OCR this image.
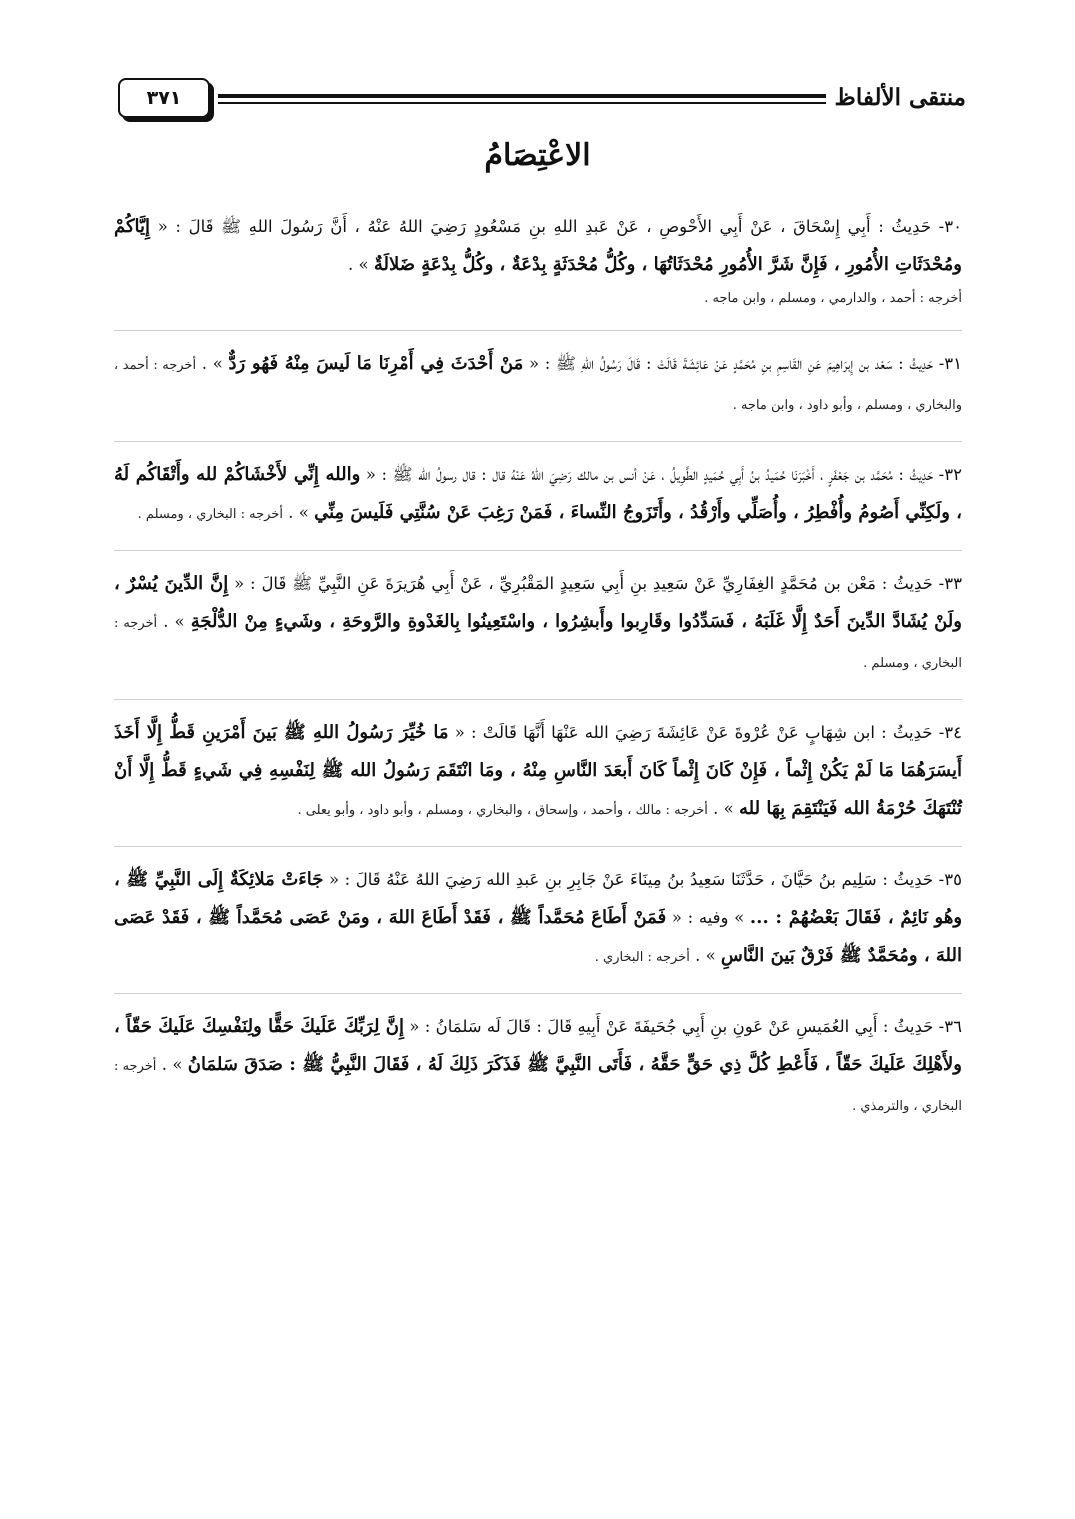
منتقى الألفاظ
٣٧١
الاعْتِصَامُ

٣٠- حَدِيثُ : أَبِي إِسْحَاقَ ، عَنْ أَبِي الأَحْوصِ ، عَنْ عَبدِ اللهِ بنِ مَسْعُودٍ رَضِيَ اللهُ عَنْهُ ، أَنَّ رَسُولَ اللهِ ﷺ قَالَ : « إِيَّاكُمْ ومُحْدَثَاتِ الأُمُورِ ، فَإِنَّ شَرَّ الأُمُورِ مُحْدَثَاتُهَا ، وكُلُّ مُحْدَثَةٍ بِدْعَةٌ ، وكُلُّ بِدْعَةٍ ضَلالَةٌ » .

أخرجه : أحمد ، والدارمي ، ومسلم ، وابن ماجه .

٣١- حَدِيثُ : سَعْد بن إِبرَاهِيمَ عَنِ القَاسِمِ بنِ مُحَمَّدٍ عَنْ عَائِشَةَ قَالَتْ : قَالَ رَسُولُ اللهِ ﷺ : « مَنْ أَحْدَثَ فِي أَمْرِنَا مَا لَيسَ مِنْهُ فَهُو رَدٌّ » . أخرجه : أحمد ، والبخاري ، ومسلم ، وأبو داود ، وابن ماجه .

٣٢- حَدِيثُ : مُحَمَّد بن جَعْفَرٍ ، أَخْبَرَنَا حُمَيدُ بنُ أَبِي حُمَيدٍ الطَّوِيلُ ، عَنْ أنس بن مالك رَضِيَ اللهُ عَنْهُ قال : قال رسولُ الله ﷺ : « والله إِنِّي لأَخْشَاكُمْ لله وأَتْقَاكُم لَهُ ، ولَكِنِّي أَصُومُ وأُفْطِرُ ، وأُصَلِّي وأَرْقُدُ ، وأَتَزَوجُ النِّساءَ ، فَمَنْ رَغِبَ عَنْ سُنَّتِي فَلَيسَ مِنِّي » . أخرجه : البخاري ، ومسلم .

٣٣- حَدِيثُ : مَعْن بن مُحَمَّدٍ الغِفَارِيِّ عَنْ سَعِيدِ بنِ أَبِي سَعِيدٍ المَقْبُرِيِّ ، عَنْ أَبِي هُرَيرَةَ عَنِ النَّبِيِّ ﷺ قَالَ : « إِنَّ الدِّينَ يُسْرٌ ، ولَنْ يُشَادَّ الدِّينَ أَحَدٌ إِلَّا غَلَبَهُ ، فَسَدِّدُوا وقَارِبوا وأَبشِرُوا ، واسْتَعِينُوا بِالغَدْوةِ والرَّوحَةِ ، وشَيءٍ مِنْ الدُّلْجَةِ » . أخرجه : البخاري ، ومسلم .

٣٤- حَدِيثُ : ابن شِهَابٍ عَنْ عُرْوةَ عَنْ عَائِشَةَ رَضِيَ الله عَنْهَا أَنَّهَا قَالَتْ : « مَا خُيِّرَ رَسُولُ اللهِ ﷺ بَينَ أَمْرَينِ قَطُّ إِلَّا أَخَذَ أَيسَرَهُمَا مَا لَمْ يَكُنْ إِثْماً ، فَإِنْ كَانَ إِثْماً كَانَ أَبعَدَ النَّاسِ مِنْهُ ، ومَا انْتَقَمَ رَسُولُ الله ﷺ لِنَفْسِهِ فِي شَيءٍ قَطُّ إِلَّا أَنْ تُنْتَهَكَ حُرْمَةُ الله فَيَنْتَقِمَ بِهَا لله » . أخرجه : مالك ، وأحمد ، وإسحاق ، والبخاري ، ومسلم ، وأبو داود ، وأبو يعلى .

٣٥- حَدِيثُ : سَلِيم بنُ حَيَّانَ ، حَدَّثَنَا سَعِيدُ بنُ مِينَاءَ عَنْ جَابِرِ بنِ عَبدِ الله رَضِيَ اللهُ عَنْهُ قَالَ : « جَاءَتْ مَلائِكَةٌ إِلَى النَّبِيِّ ﷺ ، وهُو نَائِمٌ ، فَقَالَ بَعْضُهُمْ : ... » وفيه : « فَمَنْ أَطَاعَ مُحَمَّداً ﷺ ، فَقَدْ أَطَاعَ اللهَ ، ومَنْ عَصَى مُحَمَّداً ﷺ ، فَقَدْ عَصَى اللهَ ، ومُحَمَّدٌ ﷺ فَرْقٌ بَينَ النَّاسِ » . أخرجه : البخاري .

٣٦- حَدِيثُ : أَبِي العُمَيسِ عَنْ عَونِ بنِ أَبِي جُحَيفَةَ عَنْ أَبِيهِ قَالَ : قَالَ لَه سَلمَانُ : « إِنَّ لِرَبِّكَ عَلَيكَ حَقًّا ولِنَفْسِكَ عَلَيكَ حَقّاً ، ولأَهْلِكَ عَلَيكَ حَقّاً ، فَأَعْطِ كُلَّ ذِي حَقٍّ حَقَّهُ ، فَأَتَى النَّبِيَّ ﷺ فَذَكَرَ ذَلِكَ لَهُ ، فَقَالَ النَّبِيُّ ﷺ : صَدَقَ سَلمَانُ » . أخرجه : البخاري ، والترمذي .
